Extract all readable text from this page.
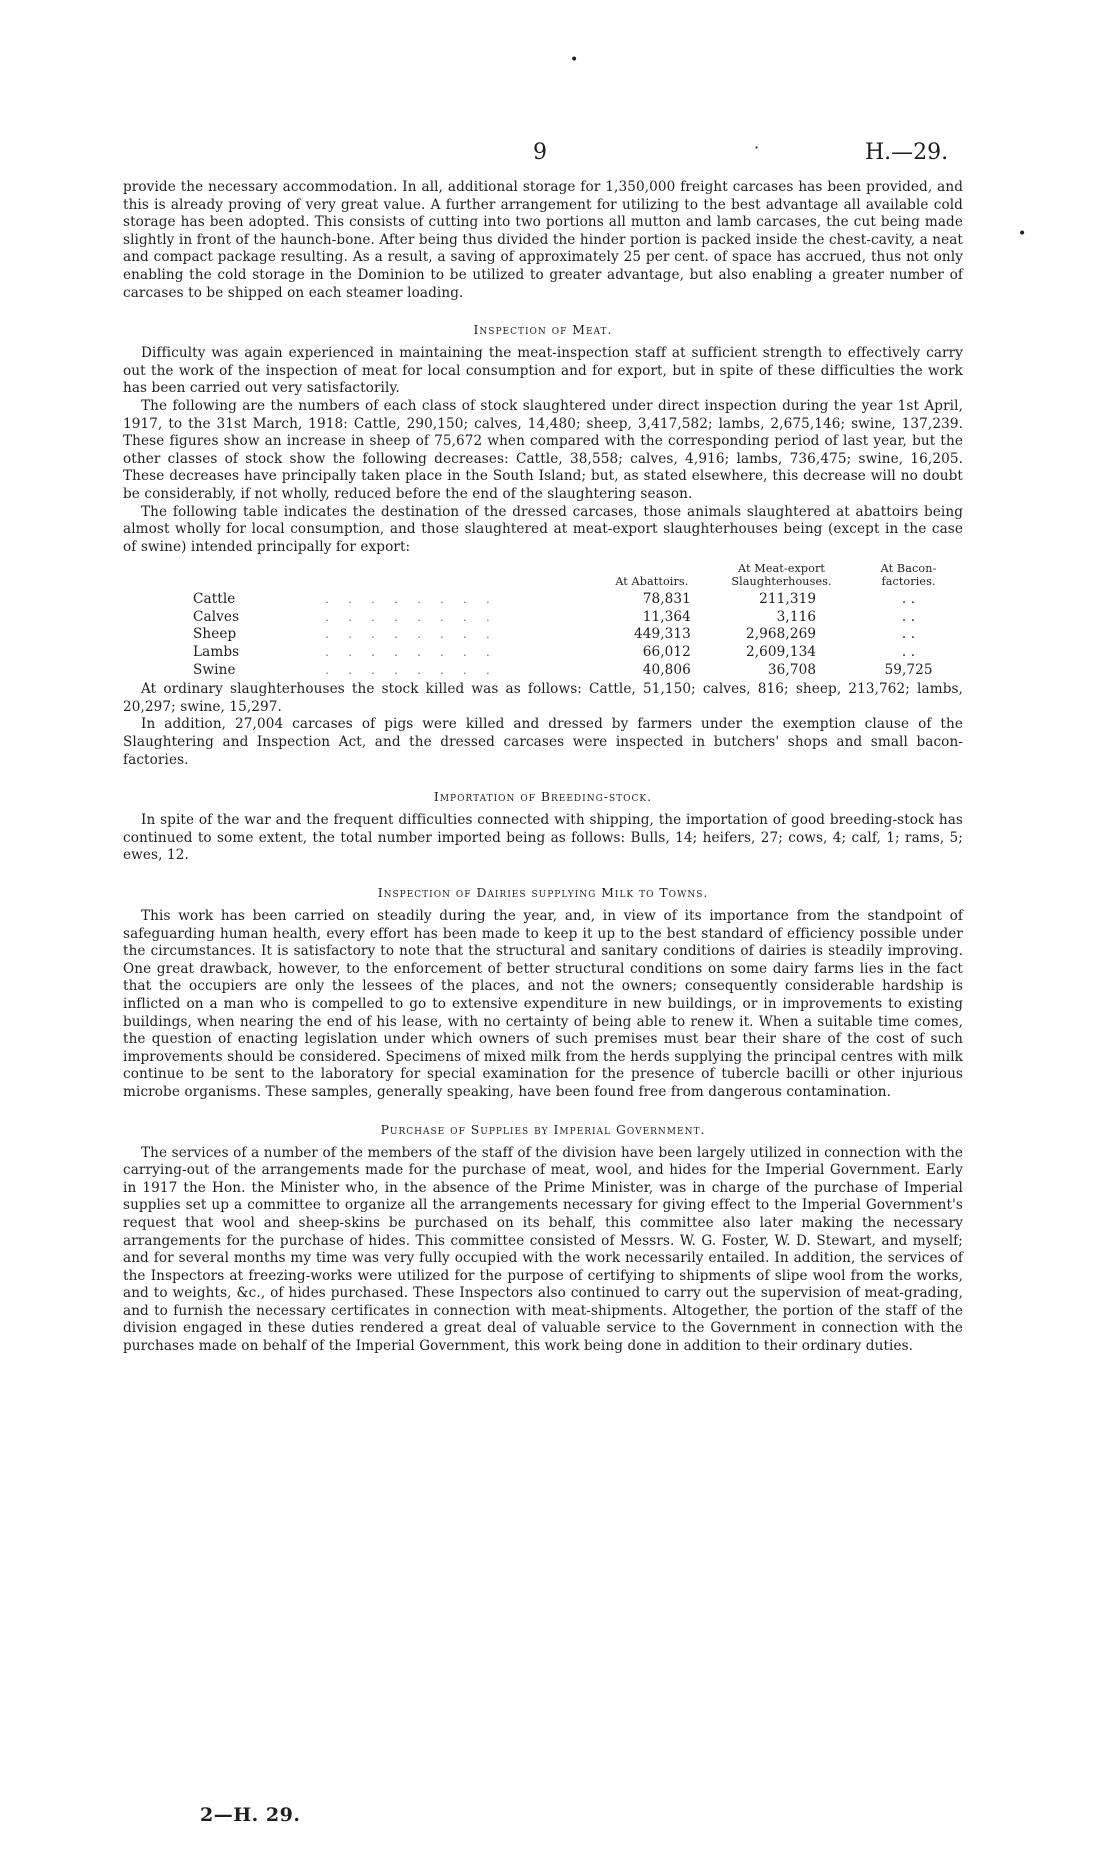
•
•
9	·	H.—29.

provide the necessary accommodation. In all, additional storage for 1,350,000 freight carcases has been provided, and this is already proving of very great value. A further arrangement for utilizing to the best advantage all available cold storage has been adopted. This consists of cutting into two portions all mutton and lamb carcases, the cut being made slightly in front of the haunch-bone. After being thus divided the hinder portion is packed inside the chest-cavity, a neat and compact package resulting. As a result, a saving of approximately 25 per cent. of space has accrued, thus not only enabling the cold storage in the Dominion to be utilized to greater advantage, but also enabling a greater number of carcases to be shipped on each steamer loading.

Inspection of Meat.

Difficulty was again experienced in maintaining the meat-inspection staff at sufficient strength to effectively carry out the work of the inspection of meat for local consumption and for export, but in spite of these difficulties the work has been carried out very satisfactorily.

The following are the numbers of each class of stock slaughtered under direct inspection during the year 1st April, 1917, to the 31st March, 1918: Cattle, 290,150; calves, 14,480; sheep, 3,417,582; lambs, 2,675,146; swine, 137,239. These figures show an increase in sheep of 75,672 when compared with the corresponding period of last year, but the other classes of stock show the following decreases: Cattle, 38,558; calves, 4,916; lambs, 736,475; swine, 16,205. These decreases have principally taken place in the South Island; but, as stated elsewhere, this decrease will no doubt be considerably, if not wholly, reduced before the end of the slaughtering season.

The following table indicates the destination of the dressed carcases, those animals slaughtered at abattoirs being almost wholly for local consumption, and those slaughtered at meat-export slaughterhouses being (except in the case of swine) intended principally for export:

		At Abattoirs.	At Meat-export Slaughterhouses.	At Bacon-factories.
Cattle	. . . . . . . .	78,831	211,319	. .
Calves	. . . . . . . .	11,364	3,116	. .
Sheep	. . . . . . . .	449,313	2,968,269	. .
Lambs	. . . . . . . .	66,012	2,609,134	. .
Swine	. . . . . . . .	40,806	36,708	59,725

At ordinary slaughterhouses the stock killed was as follows: Cattle, 51,150; calves, 816; sheep, 213,762; lambs, 20,297; swine, 15,297.

In addition, 27,004 carcases of pigs were killed and dressed by farmers under the exemption clause of the Slaughtering and Inspection Act, and the dressed carcases were inspected in butchers' shops and small bacon-factories.

Importation of Breeding-stock.

In spite of the war and the frequent difficulties connected with shipping, the importation of good breeding-stock has continued to some extent, the total number imported being as follows: Bulls, 14; heifers, 27; cows, 4; calf, 1; rams, 5; ewes, 12.

Inspection of Dairies supplying Milk to Towns.

This work has been carried on steadily during the year, and, in view of its importance from the standpoint of safeguarding human health, every effort has been made to keep it up to the best standard of efficiency possible under the circumstances. It is satisfactory to note that the structural and sanitary conditions of dairies is steadily improving. One great drawback, however, to the enforcement of better structural conditions on some dairy farms lies in the fact that the occupiers are only the lessees of the places, and not the owners; consequently considerable hardship is inflicted on a man who is compelled to go to extensive expenditure in new buildings, or in improvements to existing buildings, when nearing the end of his lease, with no certainty of being able to renew it. When a suitable time comes, the question of enacting legislation under which owners of such premises must bear their share of the cost of such improvements should be considered. Specimens of mixed milk from the herds supplying the principal centres with milk continue to be sent to the laboratory for special examination for the presence of tubercle bacilli or other injurious microbe organisms. These samples, generally speaking, have been found free from dangerous contamination.

Purchase of Supplies by Imperial Government.

The services of a number of the members of the staff of the division have been largely utilized in connection with the carrying-out of the arrangements made for the purchase of meat, wool, and hides for the Imperial Government. Early in 1917 the Hon. the Minister who, in the absence of the Prime Minister, was in charge of the purchase of Imperial supplies set up a committee to organize all the arrangements necessary for giving effect to the Imperial Government's request that wool and sheep-skins be purchased on its behalf, this committee also later making the necessary arrangements for the purchase of hides. This committee consisted of Messrs. W. G. Foster, W. D. Stewart, and myself; and for several months my time was very fully occupied with the work necessarily entailed. In addition, the services of the Inspectors at freezing-works were utilized for the purpose of certifying to shipments of slipe wool from the works, and to weights, &c., of hides purchased. These Inspectors also continued to carry out the supervision of meat-grading, and to furnish the necessary certificates in connection with meat-shipments. Altogether, the portion of the staff of the division engaged in these duties rendered a great deal of valuable service to the Government in connection with the purchases made on behalf of the Imperial Government, this work being done in addition to their ordinary duties.

2—H. 29.
